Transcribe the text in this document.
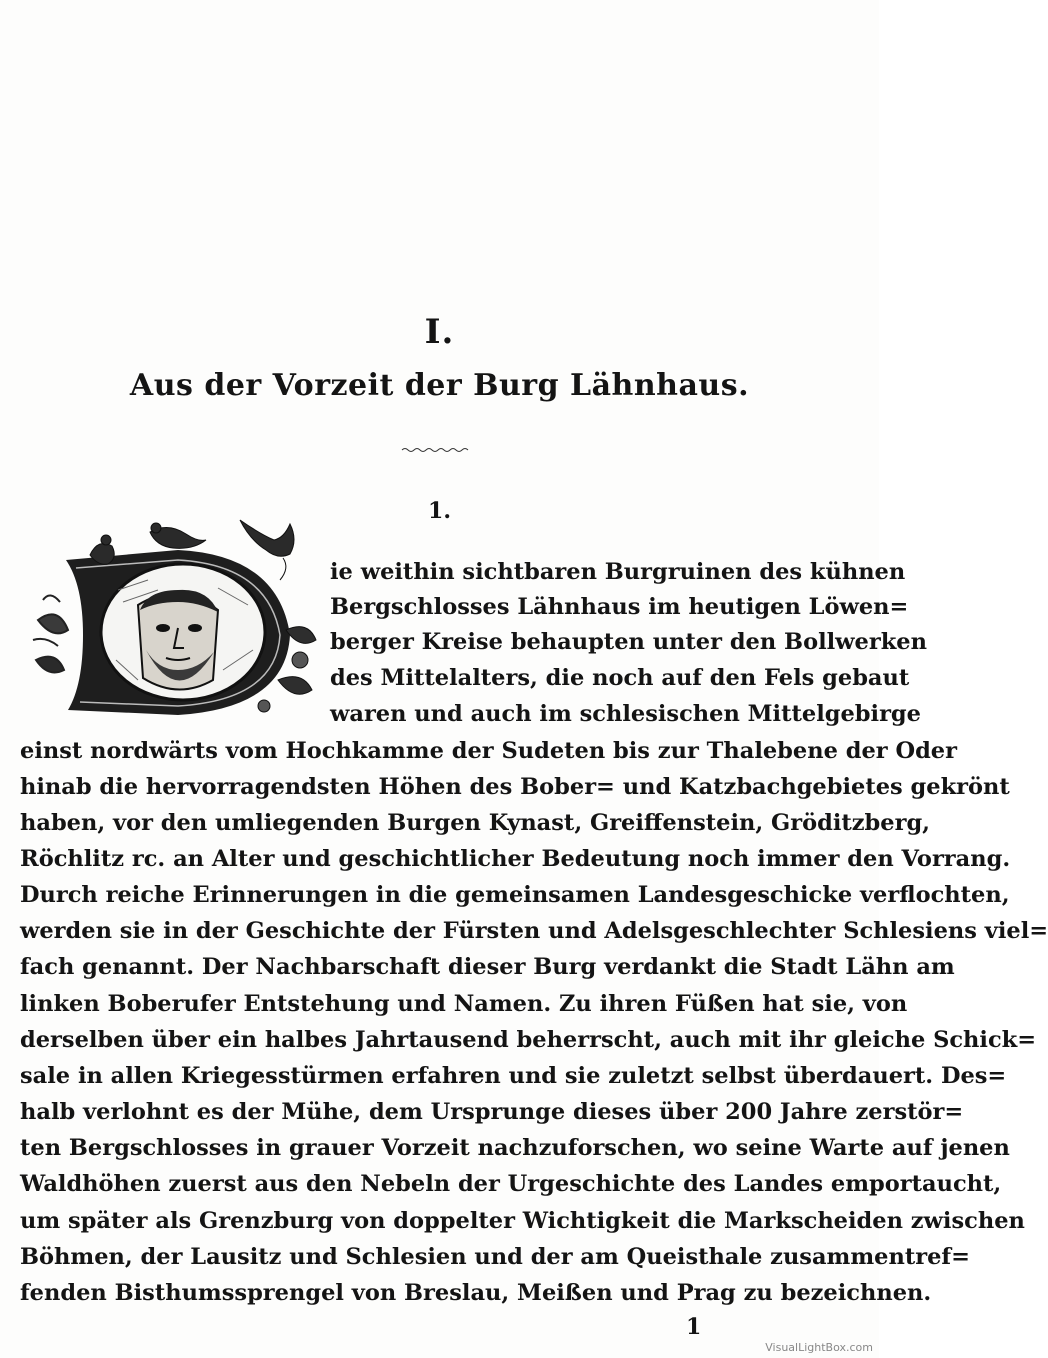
I.
Aus der Vorzeit der Burg Lähnhaus.
1.
ie weithin sichtbaren Burgruinen des kühnen
Bergschlosses Lähnhaus im heutigen Löwen=
berger Kreise behaupten unter den Bollwerken
des Mittelalters, die noch auf den Fels gebaut
waren und auch im schlesischen Mittelgebirge
einst nordwärts vom Hochkamme der Sudeten bis zur Thalebene der Oder
hinab die hervorragendsten Höhen des Bober= und Katzbachgebietes gekrönt
haben, vor den umliegenden Burgen Kynast, Greiffenstein, Gröditzberg,
Röchlitz rc. an Alter und geschichtlicher Bedeutung noch immer den Vorrang.
Durch reiche Erinnerungen in die gemeinsamen Landesgeschicke verflochten,
werden sie in der Geschichte der Fürsten und Adelsgeschlechter Schlesiens viel=
fach genannt. Der Nachbarschaft dieser Burg verdankt die Stadt Lähn am
linken Boberufer Entstehung und Namen. Zu ihren Füßen hat sie, von
derselben über ein halbes Jahrtausend beherrscht, auch mit ihr gleiche Schick=
sale in allen Kriegesstürmen erfahren und sie zuletzt selbst überdauert. Des=
halb verlohnt es der Mühe, dem Ursprunge dieses über 200 Jahre zerstör=
ten Bergschlosses in grauer Vorzeit nachzuforschen, wo seine Warte auf jenen
Waldhöhen zuerst aus den Nebeln der Urgeschichte des Landes emportaucht,
um später als Grenzburg von doppelter Wichtigkeit die Markscheiden zwischen
Böhmen, der Lausitz und Schlesien und der am Queisthale zusammentref=
fenden Bisthumssprengel von Breslau, Meißen und Prag zu bezeichnen.
1
VisualLightBox.com
